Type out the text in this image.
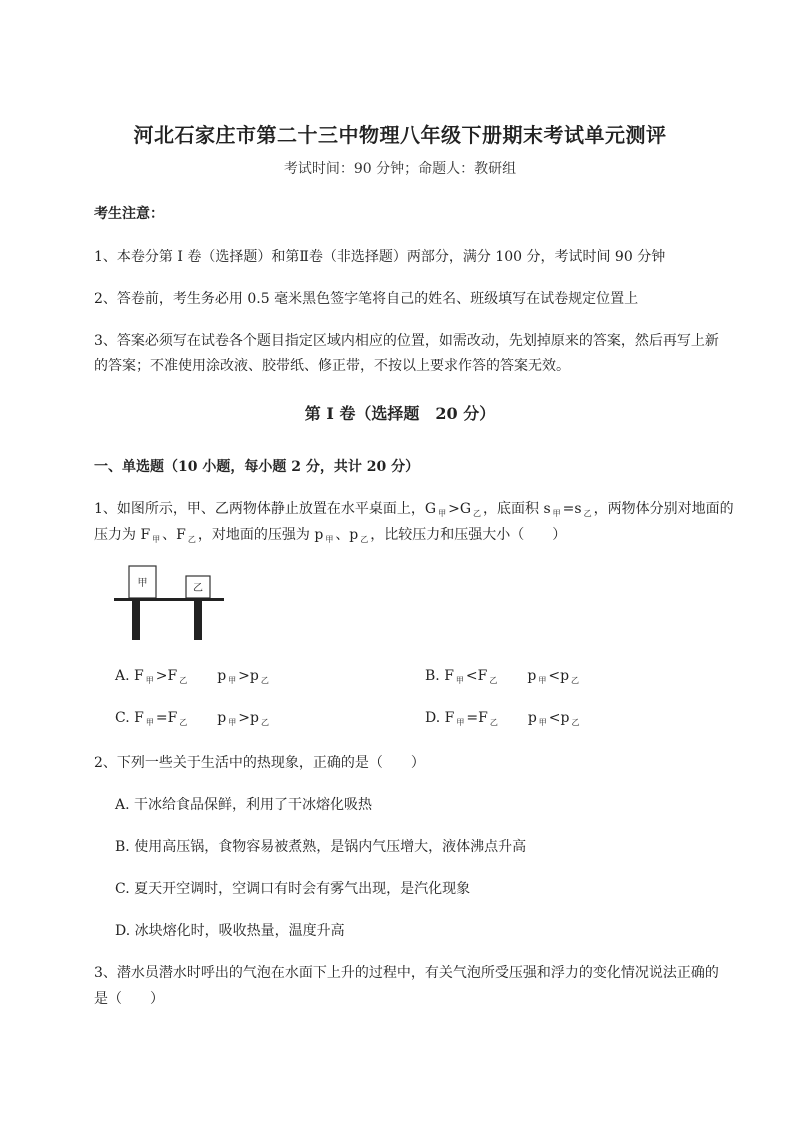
河北石家庄市第二十三中物理八年级下册期末考试单元测评
考试时间：90 分钟；命题人：教研组
考生注意：
1、本卷分第 I 卷（选择题）和第Ⅱ卷（非选择题）两部分，满分 100 分，考试时间 90 分钟
2、答卷前，考生务必用 0.5 毫米黑色签字笔将自己的姓名、班级填写在试卷规定位置上
3、答案必须写在试卷各个题目指定区域内相应的位置，如需改动，先划掉原来的答案，然后再写上新
的答案；不准使用涂改液、胶带纸、修正带，不按以上要求作答的答案无效。
第 I 卷（选择题　20 分）
一、单选题（10 小题，每小题 2 分，共计 20 分）
1、如图所示，甲、乙两物体静止放置在水平桌面上，G $_甲$ >G $_乙$ ，底面积 s $_甲$ =s $_乙$ ，两物体分别对地面的
压力为 F $_甲$ 、F $_乙$ ，对地面的压强为 p $_甲$ 、p $_乙$ ，比较压力和压强大小（　　）
甲	乙
A. F $_甲$ >F $_乙$ p $_甲$ >p $_乙$	B. F $_甲$ <F $_乙$ p $_甲$ <p $_乙$
C. F $_甲$ =F $_乙$ p $_甲$ >p $_乙$	D. F $_甲$ =F $_乙$ p $_甲$ <p $_乙$
2、下列一些关于生活中的热现象，正确的是（　　）
A. 干冰给食品保鲜，利用了干冰熔化吸热
B. 使用高压锅，食物容易被煮熟，是锅内气压增大，液体沸点升高
C. 夏天开空调时，空调口有时会有雾气出现，是汽化现象
D. 冰块熔化时，吸收热量，温度升高
3、潜水员潜水时呼出的气泡在水面下上升的过程中，有关气泡所受压强和浮力的变化情况说法正确的
是（　　）
